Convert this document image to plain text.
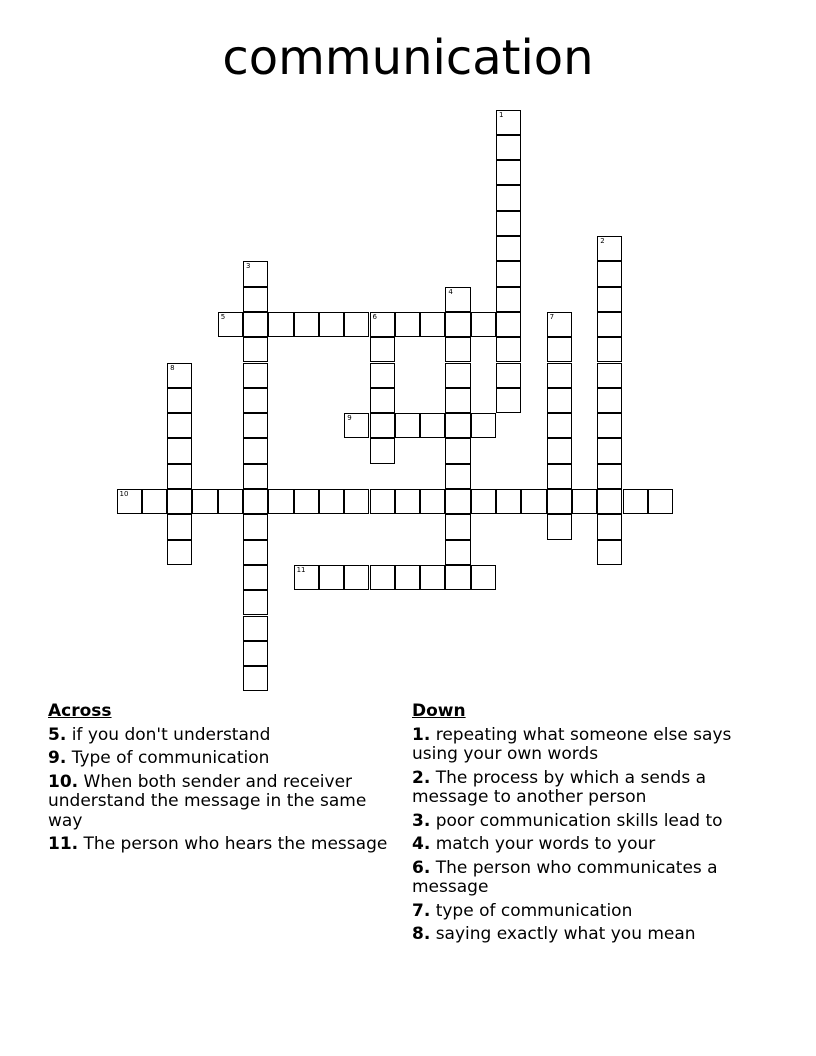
communication
1
2
3
4
5	6	7
8
9
10
11
Across
5. if you don't understand
9. Type of communication
10. When both sender and receiver understand the message in the same way
11. The person who hears the message
Down
1. repeating what someone else says using your own words
2. The process by which a sends a message to another person
3. poor communication skills lead to
4. match your words to your
6. The person who communicates a message
7. type of communication
8. saying exactly what you mean
